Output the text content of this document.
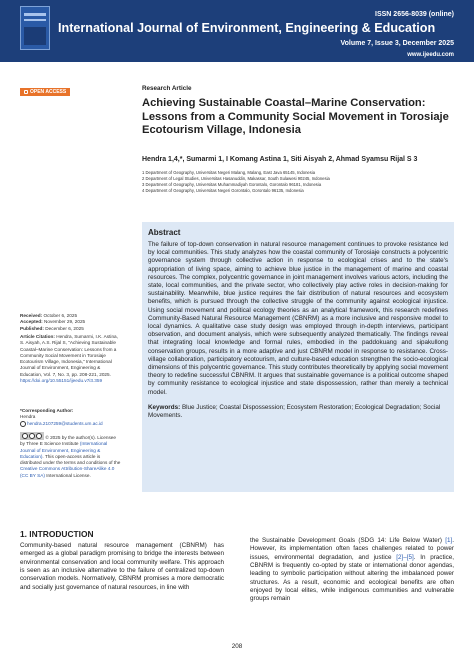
ISSN 2656-8039 (online)
International Journal of Environment, Engineering & Education
Volume 7, Issue 3, December 2025
www.ijeedu.com
OPEN ACCESS	Research Article
Achieving Sustainable Coastal–Marine Conservation: Lessons from a Community Social Movement in Torosiaje Ecotourism Village, Indonesia
Hendra 1,4,*, Sumarmi 1, I Komang Astina 1, Siti Aisyah 2, Ahmad Syamsu Rijal S 3
1 Department of Geography, Universitas Negeri Malang, Malang, East Java 65145, Indonesia
2 Department of Legal Studies, Universitas Hasanuddin, Makassar, South Sulawesi 90245, Indonesia
3 Department of Geography, Universitas Muhammadiyah Gorontalo, Gorontalo 96181, Indonesia
4 Department of Geography, Universitas Negeri Gorontalo, Gorontalo 96135, Indonesia
Abstract
The failure of top-down conservation in natural resource management continues to provoke resistance led by local communities. This study analyzes how the coastal community of Torosiaje constructs a polycentric governance system through collective action in response to ecological crises and to the state's appropriation of living space, aiming to achieve blue justice in the management of marine and coastal resources. The complex, polycentric governance in joint management involves various actors, including the state, local communities, and the private sector, who collectively play active roles in decision-making for sustainability. Meanwhile, blue justice requires the fair distribution of natural resources and ecosystem benefits, which is pursued through the collective struggle of the community against ecological injustice. Using social movement and political ecology theories as an analytical framework, this research redefines Community-Based Natural Resource Management (CBNRM) as a more inclusive and responsive model to local dynamics. A qualitative case study design was employed through in-depth interviews, participant observation, and document analysis, which were subsequently analyzed thematically. The findings reveal that integrating local knowledge and formal rules, embodied in the paddokuang and sipakullong conservation groups, results in a more adaptive and just CBNRM model in response to resistance. Cross-village collaboration, participatory ecotourism, and culture-based education strengthen the socio-ecological dimensions of this polycentric governance. This study contributes theoretically by applying social movement theory to redefine successful CBNRM. It argues that sustainable governance is a political outcome shaped by community resistance to ecological injustice and state dispossession, rather than merely a technical model.
Keywords: Blue Justice; Coastal Dispossession; Ecosystem Restoration; Ecological Degradation; Social Movements.
Received: October 6, 2025
Accepted: November 29, 2025
Published: December 6, 2025
Article Citation: Hendra, Sumarmi, I.K. Astina, S. Aisyah, A.S. Rijal S, "Achieving Sustainable Coastal–Marine Conservation: Lessons from a Community Social Movement in Torosiaje Ecotourism Village, Indonesia," International Journal of Environment, Engineering & Education, Vol. 7, No. 3, pp. 208-221, 2025. https://doi.org/10.55151/ijeedu.v7i3.359
*Corresponding Author:
Hendra
hendra.2107259@students.um.ac.id
© 2025 by the author(s). Licensee by Three E Science Institute (International Journal of Environment, Engineering & Education). This open-access article is distributed under the terms and conditions of the Creative Commons Attribution-ShareAlike 4.0 (CC BY SA) International License.
1. INTRODUCTION
Community-based natural resource management (CBNRM) has emerged as a global paradigm promising to bridge the interests between environmental conservation and local community welfare. This approach is seen as an inclusive alternative to the failure of centralized top-down conservation models. Normatively, CBNRM promises a more democratic and socially just governance of natural resources, in line with
the Sustainable Development Goals (SDG 14: Life Below Water) [1]. However, its implementation often faces challenges related to power issues, environmental degradation, and justice [2]–[5]. In practice, CBNRM is frequently co-opted by state or international donor agendas, leading to symbolic participation without altering the imbalanced power structures. As a result, economic and ecological benefits are often enjoyed by local elites, while indigenous communities and vulnerable groups remain
208
